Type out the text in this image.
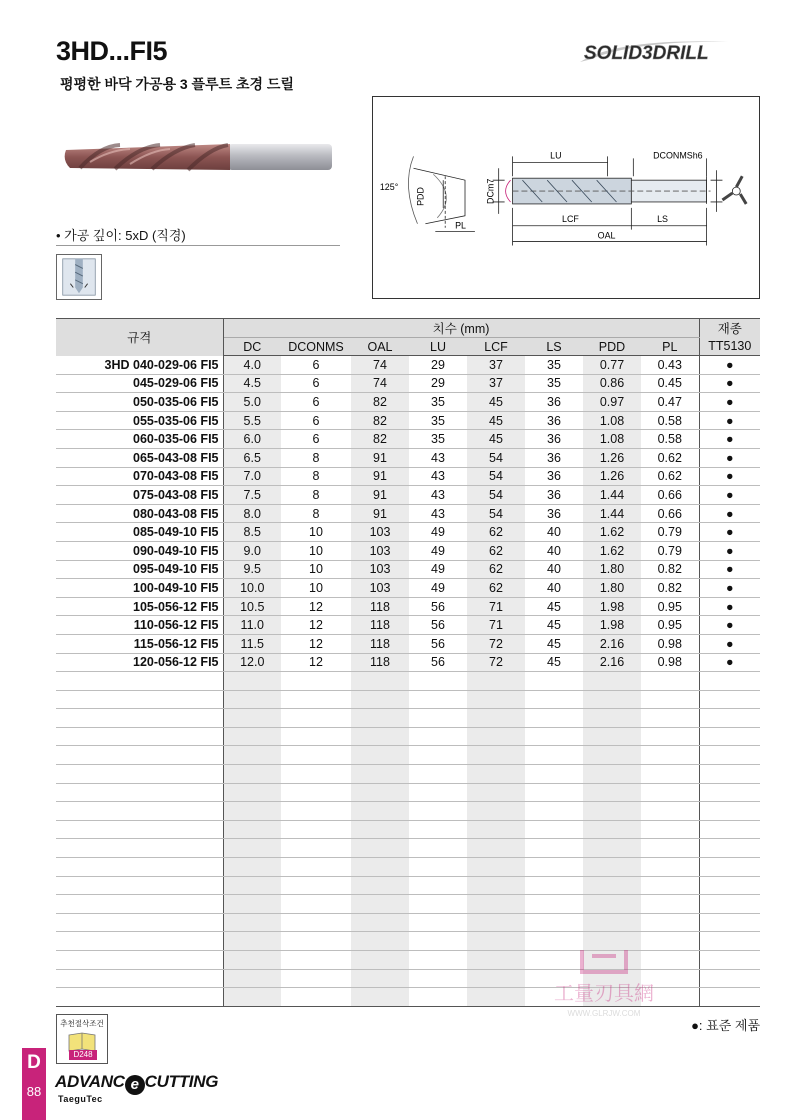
3HD...FI5
평평한 바닥 가공용 3 플루트 초경 드릴
SOLID3DRILL
• 가공 깊이: 5xD (직경)
125°
PDD
PL
DCm7
LU	DCONMSh6
LCF	LS
OAL
규격	치수 (mm)								재종
	DC	DCONMS	OAL	LU	LCF	LS	PDD	PL	TT5130
3HD 040-029-06 FI5	4.0	6	74	29	37	35	0.77	0.43	●
045-029-06 FI5	4.5	6	74	29	37	35	0.86	0.45	●
050-035-06 FI5	5.0	6	82	35	45	36	0.97	0.47	●
055-035-06 FI5	5.5	6	82	35	45	36	1.08	0.58	●
060-035-06 FI5	6.0	6	82	35	45	36	1.08	0.58	●
065-043-08 FI5	6.5	8	91	43	54	36	1.26	0.62	●
070-043-08 FI5	7.0	8	91	43	54	36	1.26	0.62	●
075-043-08 FI5	7.5	8	91	43	54	36	1.44	0.66	●
080-043-08 FI5	8.0	8	91	43	54	36	1.44	0.66	●
085-049-10 FI5	8.5	10	103	49	62	40	1.62	0.79	●
090-049-10 FI5	9.0	10	103	49	62	40	1.62	0.79	●
095-049-10 FI5	9.5	10	103	49	62	40	1.80	0.82	●
100-049-10 FI5	10.0	10	103	49	62	40	1.80	0.82	●
105-056-12 FI5	10.5	12	118	56	71	45	1.98	0.95	●
110-056-12 FI5	11.0	12	118	56	71	45	1.98	0.95	●
115-056-12 FI5	11.5	12	118	56	72	45	2.16	0.98	●
120-056-12 FI5	12.0	12	118	56	72	45	2.16	0.98	●

●: 표준 제품
工量刃具網
WWW.GLRJW.COM
추천절삭조건
D248
D
88
ADVANC e CUTTING
TaeguTec
